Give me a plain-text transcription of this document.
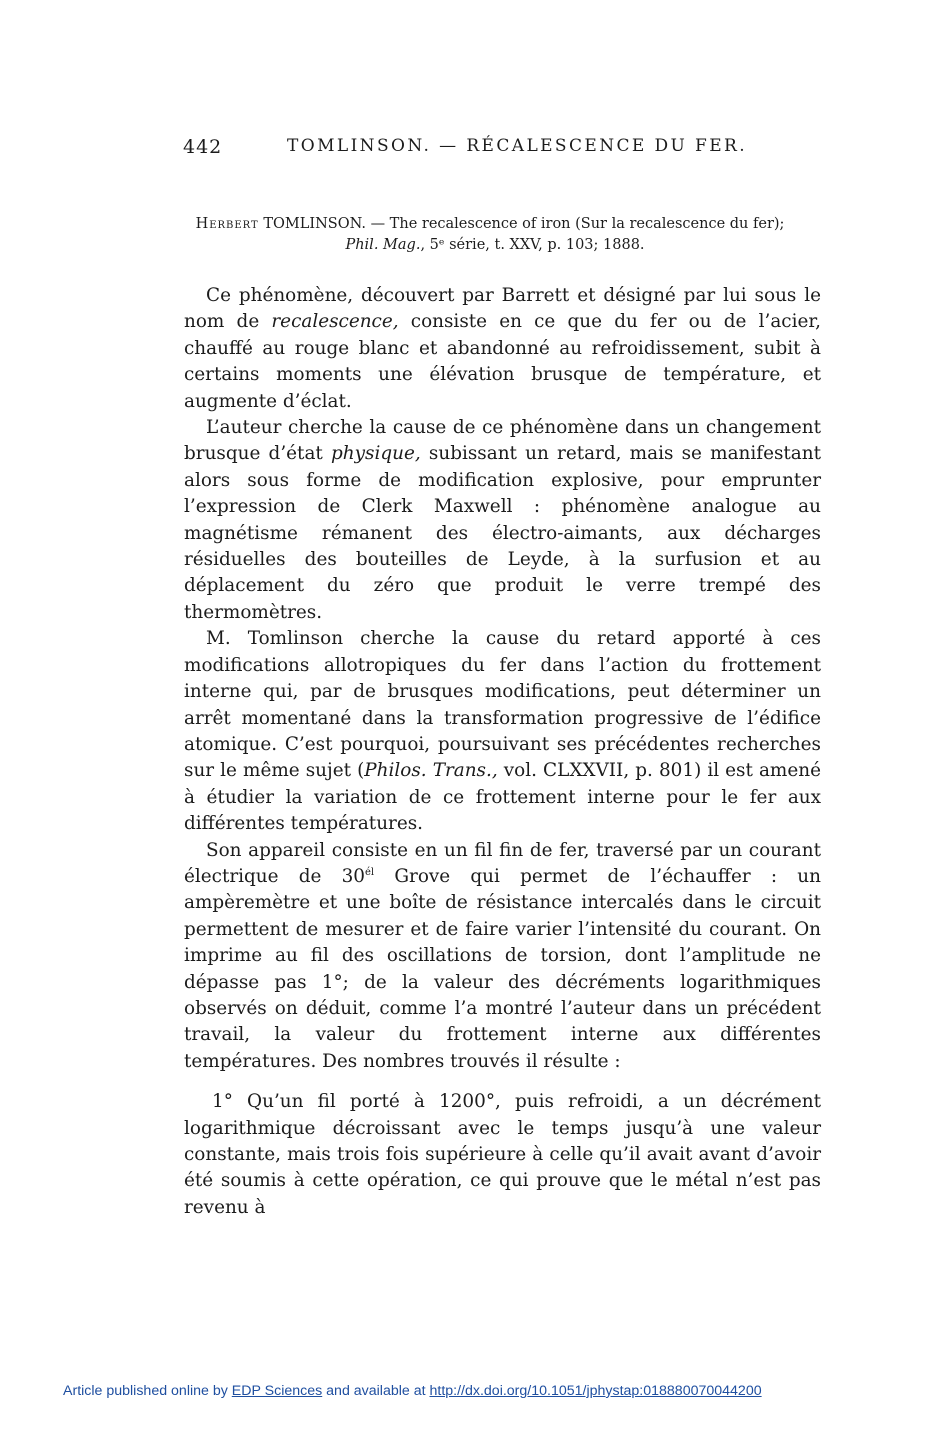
442	TOMLINSON. — RÉCALESCENCE DU FER.
Herbert TOMLINSON. — The recalescence of iron (Sur la recalescence du fer);
Phil. Mag., 5ᵉ série, t. XXV, p. 103; 1888.

Ce phénomène, découvert par Barrett et désigné par lui sous le nom de recalescence, consiste en ce que du fer ou de l’acier, chauffé au rouge blanc et abandonné au refroidissement, subit à certains moments une élévation brusque de température, et augmente d’éclat.

L’auteur cherche la cause de ce phénomène dans un changement brusque d’état physique, subissant un retard, mais se manifestant alors sous forme de modification explosive, pour emprunter l’expression de Clerk Maxwell : phénomène analogue au magnétisme rémanent des électro-aimants, aux décharges résiduelles des bouteilles de Leyde, à la surfusion et au déplacement du zéro que produit le verre trempé des thermomètres.

M. Tomlinson cherche la cause du retard apporté à ces modifications allotropiques du fer dans l’action du frottement interne qui, par de brusques modifications, peut déterminer un arrêt momentané dans la transformation progressive de l’édifice atomique. C’est pourquoi, poursuivant ses précédentes recherches sur le même sujet (Philos. Trans., vol. CLXXVII, p. 801) il est amené à étudier la variation de ce frottement interne pour le fer aux différentes températures.

Son appareil consiste en un fil fin de fer, traversé par un courant électrique de $30^{él}$ Grove qui permet de l’échauffer : un ampèremètre et une boîte de résistance intercalés dans le circuit permettent de mesurer et de faire varier l’intensité du courant. On imprime au fil des oscillations de torsion, dont l’amplitude ne dépasse pas 1°; de la valeur des décréments logarithmiques observés on déduit, comme l’a montré l’auteur dans un précédent travail, la valeur du frottement interne aux différentes températures. Des nombres trouvés il résulte :

1° Qu’un fil porté à 1200°, puis refroidi, a un décrément logarithmique décroissant avec le temps jusqu’à une valeur constante, mais trois fois supérieure à celle qu’il avait avant d’avoir été soumis à cette opération, ce qui prouve que le métal n’est pas revenu à

Article published online by EDP Sciences and available at http://dx.doi.org/10.1051/jphystap:018880070044200
